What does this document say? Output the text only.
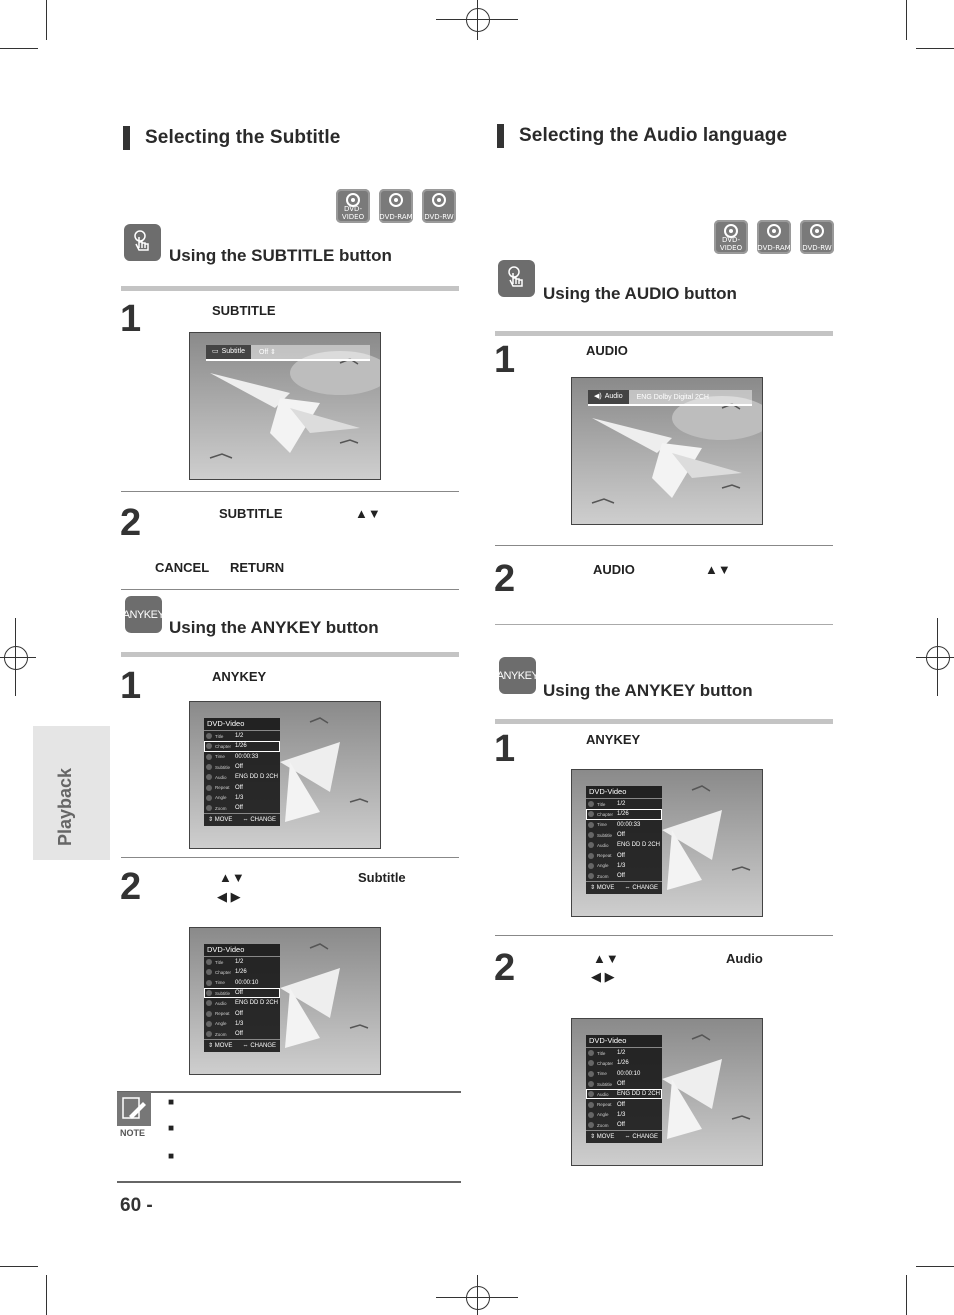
Playback
Selecting the Subtitle
DVD-VIDEO	DVD-RAM	DVD-RW
Using the SUBTITLE button
1	SUBTITLE
▭ Subtitle	Off ⇕
2	SUBTITLE	▲▼
CANCEL RETURN
ANYKEY
Using the ANYKEY button
1	ANYKEY
DVD-Video
Title	1/2
Chapter 1/26
Time	00:00:33
Subtitle Off
Audio	ENG DD D 2CH
Repeat Off
Angle	1/3
Zoom	Off
⇕ MOVE ⇔ CHANGE
2	▲▼	Subtitle
◀ ▶
DVD-Video
Title	1/2
Chapter 1/26
Time	00:00:10
Subtitle Off
Audio	ENG DD D 2CH
Repeat Off
Angle	1/3
Zoom	Off
⇕ MOVE ⇔ CHANGE
NOTE
■
■
■
60 -
Selecting the Audio language
DVD-VIDEO	DVD-RAM	DVD-RW
Using the AUDIO button
1	AUDIO
◀) Audio	ENG Dolby Digital 2CH
2	AUDIO	▲▼
ANYKEY
Using the ANYKEY button
1	ANYKEY
DVD-Video
Title	1/2
Chapter 1/26
Time	00:00:33
Subtitle Off
Audio	ENG DD D 2CH
Repeat Off
Angle	1/3
Zoom	Off
⇕ MOVE ⇔ CHANGE
2	▲▼	Audio
◀ ▶
DVD-Video
Title	1/2
Chapter 1/26
Time	00:00:10
Subtitle Off
Audio	ENG DD D 2CH
Repeat Off
Angle	1/3
Zoom	Off
⇕ MOVE ⇔ CHANGE
